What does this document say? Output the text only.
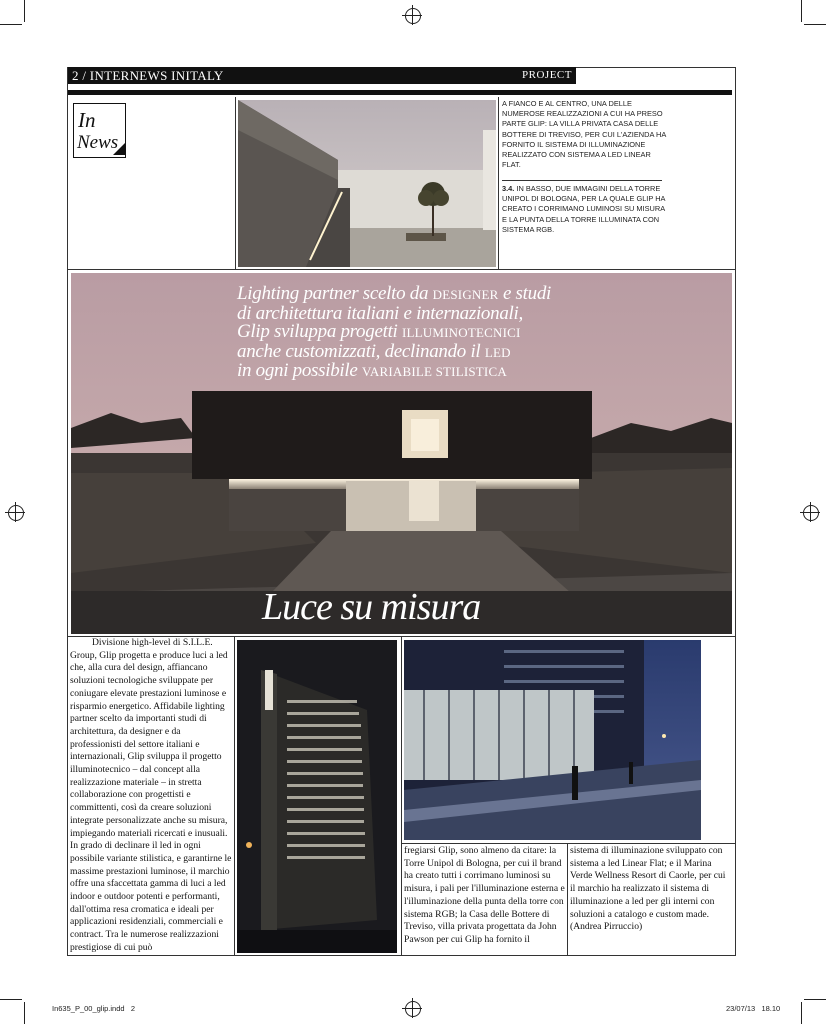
2 / INTERNEWS INITALY	PROJECT
In
News
A FIANCO E AL CENTRO, UNA DELLE NUMEROSE REALIZZAZIONI A CUI HA PRESO PARTE GLIP: LA VILLA PRIVATA CASA DELLE BOTTERE DI TREVISO, PER CUI L'AZIENDA HA FORNITO IL SISTEMA DI ILLUMINAZIONE REALIZZATO CON SISTEMA A LED LINEAR FLAT.
3.4. IN BASSO, DUE IMMAGINI DELLA TORRE UNIPOL DI BOLOGNA, PER LA QUALE GLIP HA CREATO I CORRIMANO LUMINOSI SU MISURA E LA PUNTA DELLA TORRE ILLUMINATA CON SISTEMA RGB.
Lighting partner scelto da DESIGNER e studi
di architettura italiani e internazionali,
Glip sviluppa progetti ILLUMINOTECNICI
anche customizzati, declinando il LED
in ogni possibile VARIABILE STILISTICA
Luce su misura
Divisione high-level di S.I.L.E. Group, Glip progetta e produce luci a led che, alla cura del design, affiancano soluzioni tecnologiche sviluppate per coniugare elevate prestazioni luminose e risparmio energetico. Affidabile lighting partner scelto da importanti studi di architettura, da designer e da professionisti del settore italiani e internazionali, Glip sviluppa il progetto illuminotecnico – dal concept alla realizzazione materiale – in stretta collaborazione con progettisti e committenti, così da creare soluzioni integrate personalizzate anche su misura, impiegando materiali ricercati e inusuali. In grado di declinare il led in ogni possibile variante stilistica, e garantirne le massime prestazioni luminose, il marchio offre una sfaccettata gamma di luci a led indoor e outdoor potenti e performanti, dall'ottima resa cromatica e ideali per applicazioni residenziali, commerciali e contract. Tra le numerose realizzazioni prestigiose di cui può
fregiarsi Glip, sono almeno da citare: la Torre Unipol di Bologna, per cui il brand ha creato tutti i corrimano luminosi su misura, i pali per l'illuminazione esterna e l'illuminazione della punta della torre con sistema RGB; la Casa delle Bottere di Treviso, villa privata progettata da John Pawson per cui Glip ha fornito il
sistema di illuminazione sviluppato con sistema a led Linear Flat; e il Marina Verde Wellness Resort di Caorle, per cui il marchio ha realizzato il sistema di illuminazione a led per gli interni con soluzioni a catalogo e custom made. (Andrea Pirruccio)
In635_P_00_glip.indd   2	23/07/13   18.10
